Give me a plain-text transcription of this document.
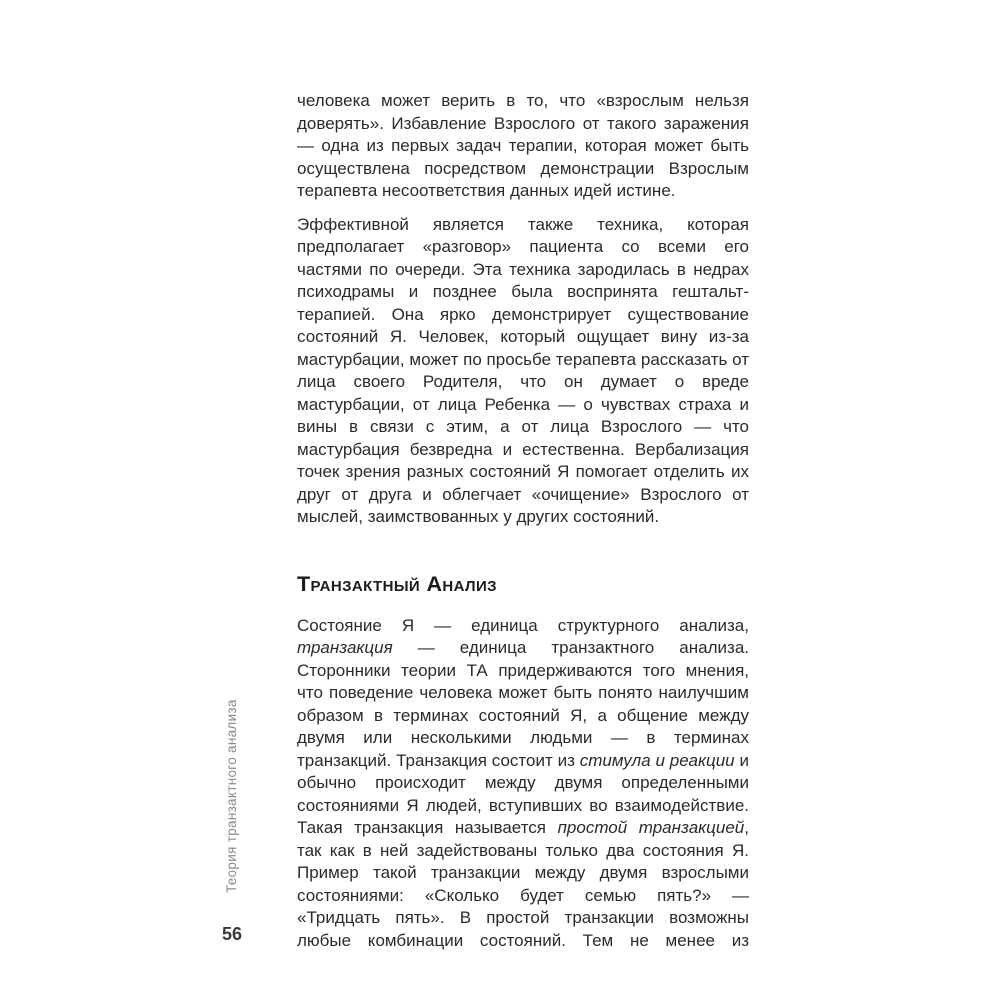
Теория транзактного анализа
56

человека может верить в то, что «взрослым нельзя доверять». Избавление Взрослого от такого заражения — одна из первых задач терапии, которая может быть осуществлена посредством демонстрации Взрослым терапевта несоответствия данных идей истине.

Эффективной является также техника, которая предполагает «разговор» пациента со всеми его частями по очереди. Эта техника зародилась в недрах психодрамы и позднее была воспринята гештальт-терапией. Она ярко демонстрирует существование состояний Я. Человек, который ощущает вину из-за мастурбации, может по просьбе терапевта рассказать от лица своего Родителя, что он думает о вреде мастурбации, от лица Ребенка — о чувствах страха и вины в связи с этим, а от лица Взрослого — что мастурбация безвредна и естественна. Вербализация точек зрения разных состояний Я помогает отделить их друг от друга и облегчает «очищение» Взрослого от мыслей, заимствованных у других состояний.

Транзактный Анализ

Состояние Я — единица структурного анализа, транзакция — единица транзактного анализа. Сторонники теории ТА придерживаются того мнения, что поведение человека может быть понято наилучшим образом в терминах состояний Я, а общение между двумя или несколькими людьми — в терминах транзакций. Транзакция состоит из стимула и реакции и обычно происходит между двумя определенными состояниями Я людей, вступивших во взаимодействие. Такая транзакция называется простой транзакцией, так как в ней задействованы только два состояния Я. Пример такой транзакции между двумя взрослыми состояниями: «Сколько будет семью пять?» — «Тридцать пять». В простой транзакции возможны любые комбинации состояний. Тем не менее из
